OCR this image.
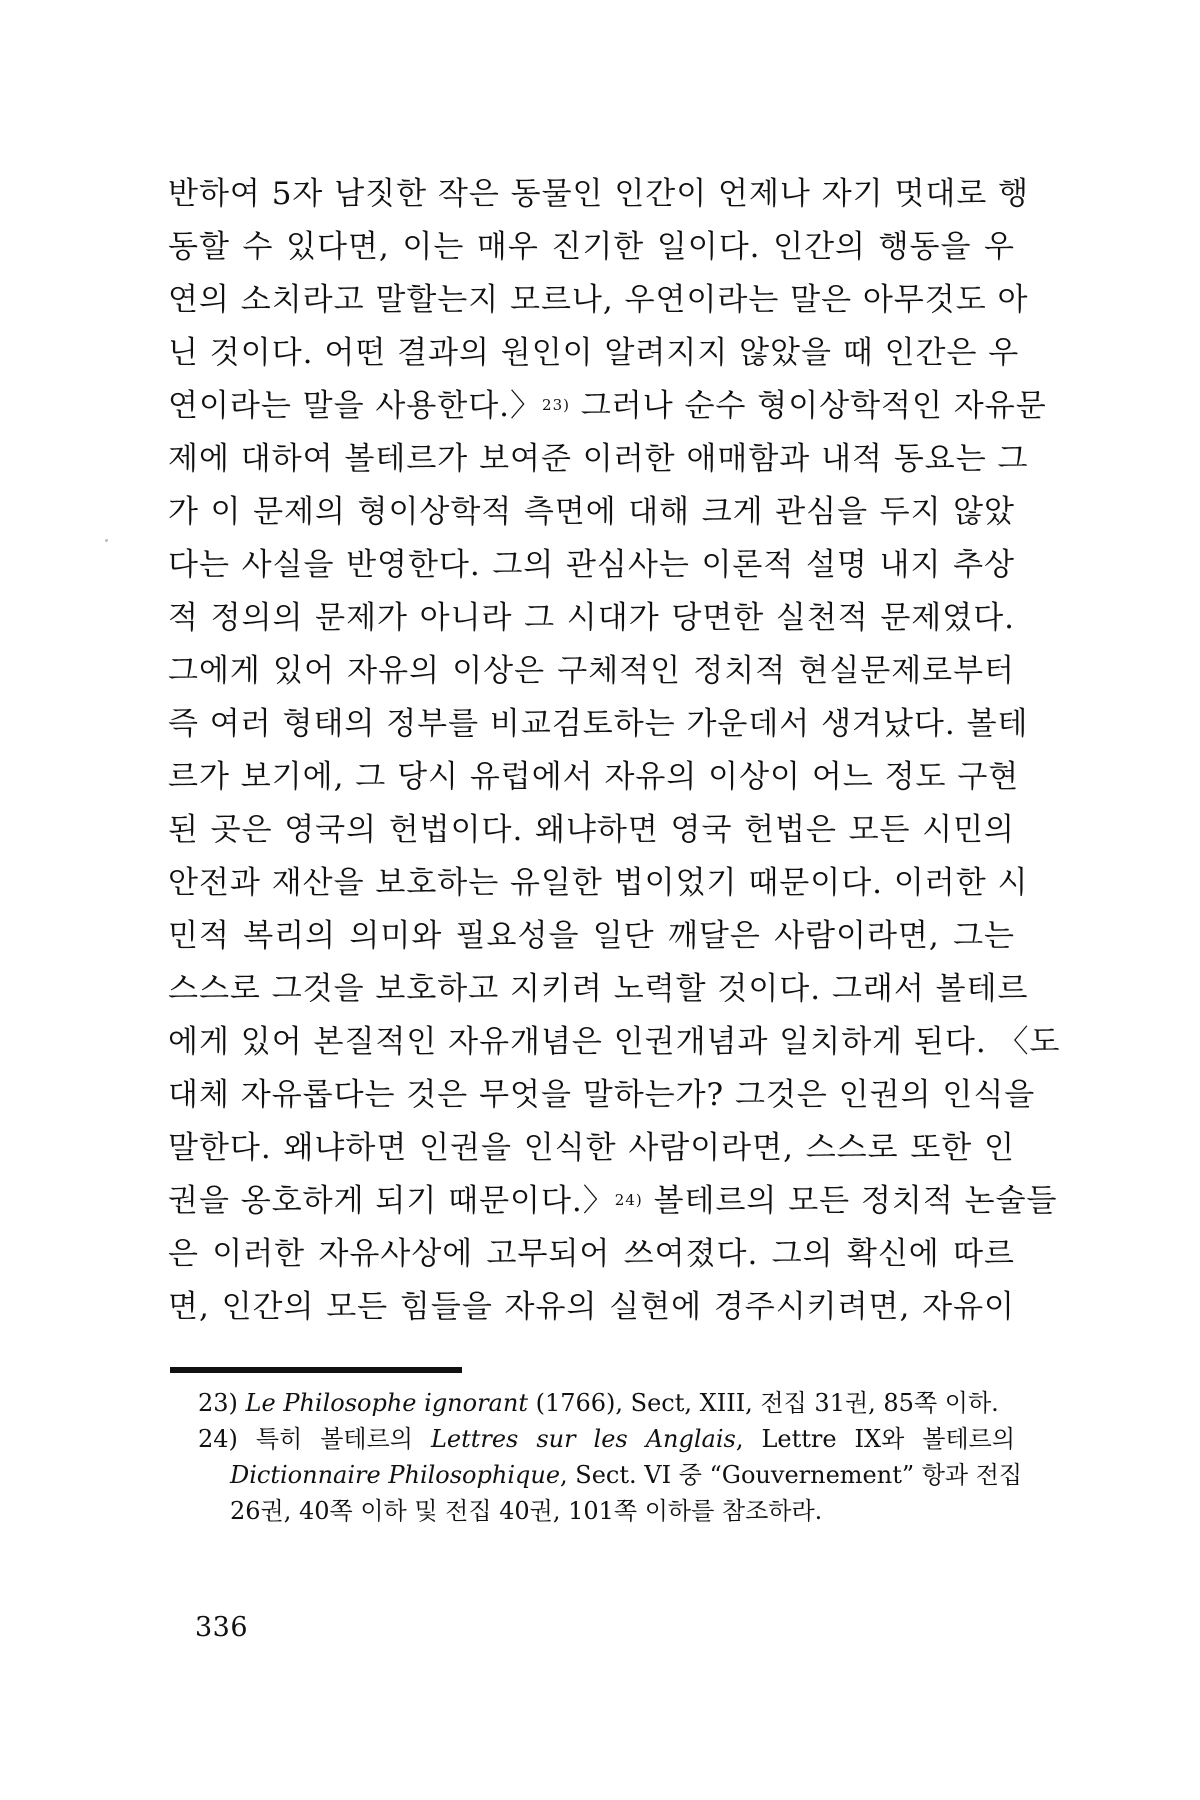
반하여 5자 남짓한 작은 동물인 인간이 언제나 자기 멋대로 행
동할 수 있다면, 이는 매우 진기한 일이다. 인간의 행동을 우
연의 소치라고 말할는지 모르나, 우연이라는 말은 아무것도 아
닌 것이다. 어떤 결과의 원인이 알려지지 않았을 때 인간은 우
연이라는 말을 사용한다.〉$^{23)}$ 그러나 순수 형이상학적인 자유문
제에 대하여 볼테르가 보여준 이러한 애매함과 내적 동요는 그
가 이 문제의 형이상학적 측면에 대해 크게 관심을 두지 않았
다는 사실을 반영한다. 그의 관심사는 이론적 설명 내지 추상
적 정의의 문제가 아니라 그 시대가 당면한 실천적 문제였다.
그에게 있어 자유의 이상은 구체적인 정치적 현실문제로부터
즉 여러 형태의 정부를 비교검토하는 가운데서 생겨났다. 볼테
르가 보기에, 그 당시 유럽에서 자유의 이상이 어느 정도 구현
된 곳은 영국의 헌법이다. 왜냐하면 영국 헌법은 모든 시민의
안전과 재산을 보호하는 유일한 법이었기 때문이다. 이러한 시
민적 복리의 의미와 필요성을 일단 깨달은 사람이라면, 그는
스스로 그것을 보호하고 지키려 노력할 것이다. 그래서 볼테르
에게 있어 본질적인 자유개념은 인권개념과 일치하게 된다. 〈도
대체 자유롭다는 것은 무엇을 말하는가? 그것은 인권의 인식을
말한다. 왜냐하면 인권을 인식한 사람이라면, 스스로 또한 인
권을 옹호하게 되기 때문이다.〉$^{24)}$ 볼테르의 모든 정치적 논술들
은 이러한 자유사상에 고무되어 쓰여졌다. 그의 확신에 따르
면, 인간의 모든 힘들을 자유의 실현에 경주시키려면, 자유이
23) Le Philosophe ignorant (1766), Sect, XIII, 전집 31권, 85쪽 이하.
24) 특히 볼테르의 Lettres sur les Anglais, Lettre IX와 볼테르의
Dictionnaire Philosophique, Sect. VI 중 “Gouvernement” 항과 전집
26권, 40쪽 이하 및 전집 40권, 101쪽 이하를 참조하라.
336
